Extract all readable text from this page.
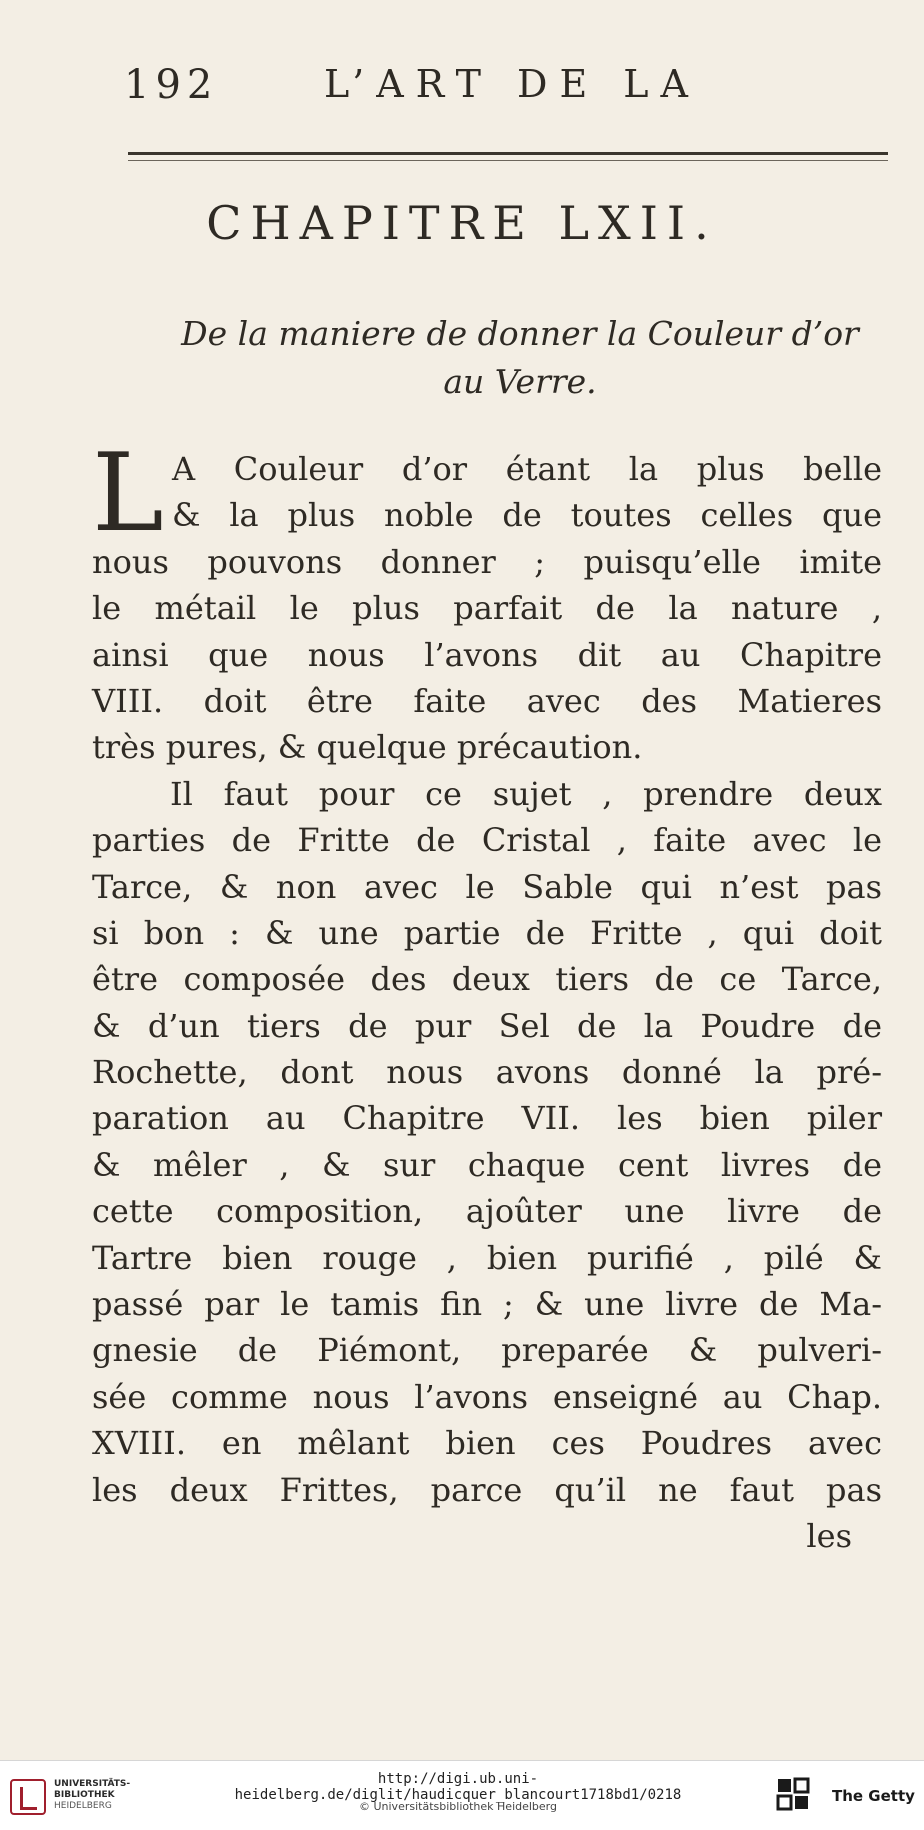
192	L’ART DE LA
CHAPITRE LXII.
De la maniere de donner la Couleur d’or
au Verre.
L A Couleur d’or étant la plus belle
& la plus noble de toutes celles que
nous pouvons donner ; puisqu’elle imite
le métail le plus parfait de la nature ,
ainsi que nous l’avons dit au Chapitre
VIII. doit être faite avec des Matieres
très pures, & quelque précaution.
Il faut pour ce sujet , prendre deux
parties de Fritte de Cristal , faite avec le
Tarce, & non avec le Sable qui n’est pas
si bon : & une partie de Fritte , qui doit
être composée des deux tiers de ce Tarce,
& d’un tiers de pur Sel de la Poudre de
Rochette, dont nous avons donné la pré-
paration au Chapitre VII. les bien piler
& mêler , & sur chaque cent livres de
cette composition, ajoûter une livre de
Tartre bien rouge , bien purifié , pilé &
passé par le tamis fin ; & une livre de Ma-
gnesie de Piémont, preparée & pulveri-
sée comme nous l’avons enseigné au Chap.
XVIII. en mêlant bien ces Poudres avec
les deux Frittes, parce qu’il ne faut pas
les
UNIVERSITÄTS-
BIBLIOTHEK
HEIDELBERG
http://digi.ub.uni-heidelberg.de/diglit/haudicquer_blancourt1718bd1/0218
© Universitätsbibliothek Heidelberg
The Getty
